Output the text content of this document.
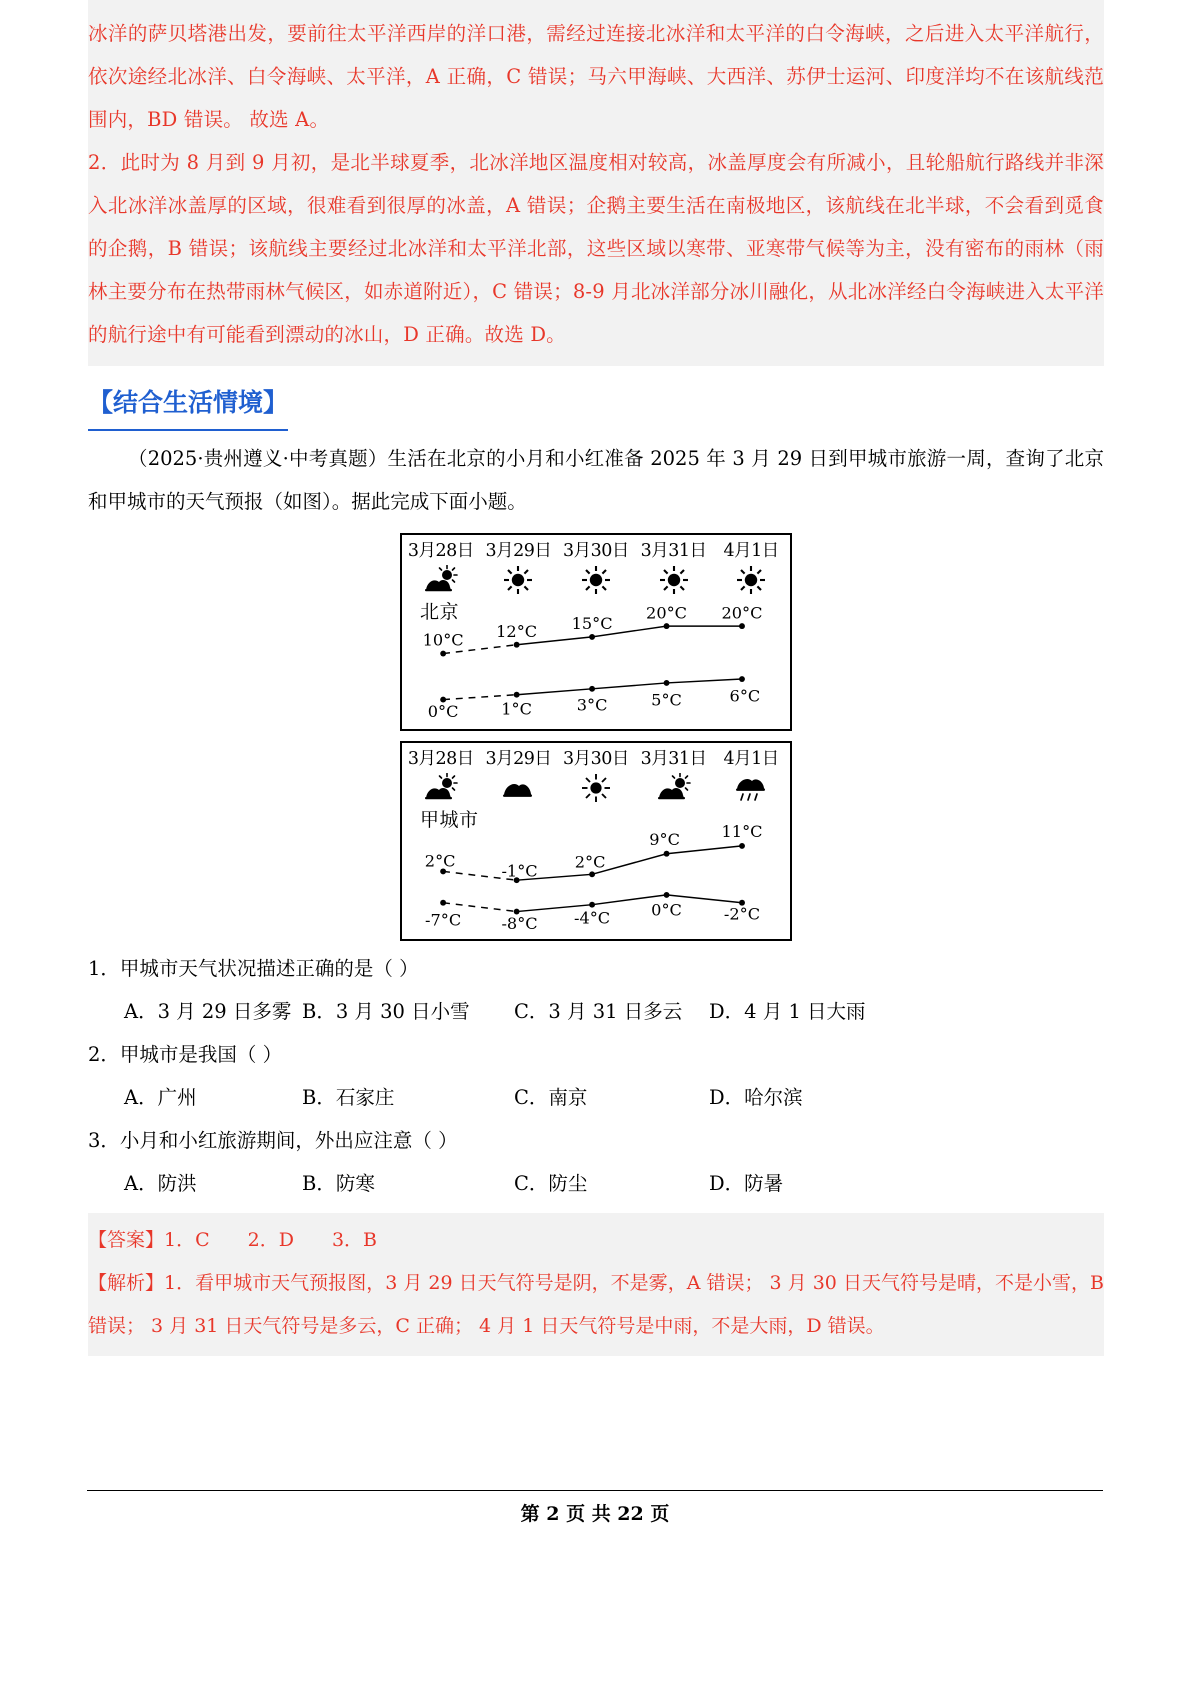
冰洋的萨贝塔港出发，要前往太平洋西岸的洋口港，需经过连接北冰洋和太平洋的白令海峡，之后进入太平洋航行，依次途经北冰洋、白令海峡、太平洋，A 正确，C 错误；马六甲海峡、大西洋、苏伊士运河、印度洋均不在该航线范围内，BD 错误。 故选 A。

2．此时为 8 月到 9 月初，是北半球夏季，北冰洋地区温度相对较高，冰盖厚度会有所减小，且轮船航行路线并非深入北冰洋冰盖厚的区域，很难看到很厚的冰盖，A 错误；企鹅主要生活在南极地区，该航线在北半球，不会看到觅食的企鹅，B 错误；该航线主要经过北冰洋和太平洋北部，这些区域以寒带、亚寒带气候等为主，没有密布的雨林（雨林主要分布在热带雨林气候区，如赤道附近），C 错误；8-9 月北冰洋部分冰川融化，从北冰洋经白令海峡进入太平洋的航行途中有可能看到漂动的冰山，D 正确。故选 D。

【结合生活情境】

（2025·贵州遵义·中考真题）生活在北京的小月和小红准备 2025 年 3 月 29 日到甲城市旅游一周，查询了北京和甲城市的天气预报（如图）。据此完成下面小题。

3月28日 3月29日 3月30日 3月31日 4月1日
北京
10°C 12°C 15°C
20°C 20°C
0°C	1°C	3°C	5°C	6°C
3月28日 3月29日 3月30日 3月31日 4月1日
甲城市
2°C
-1°C 2°C
9°C	11°C
-7°C -8°C -4°C 0°C	-2°C

1．甲城市天气状况描述正确的是（ ）

A．3 月 29 日多雾 B．3 月 30 日小雪	C．3 月 31 日多云	D．4 月 1 日大雨

2．甲城市是我国（ ）

A．广州	B．石家庄	C．南京	D．哈尔滨

3．小月和小红旅游期间，外出应注意（ ）

A．防洪	B．防寒	C．防尘	D．防暑

【答案】1．C　　2．D　　3．B

【解析】1．看甲城市天气预报图，3 月 29 日天气符号是阴，不是雾，A 错误； 3 月 30 日天气符号是晴，不是小雪，B 错误； 3 月 31 日天气符号是多云，C 正确； 4 月 1 日天气符号是中雨，不是大雨，D 错误。

第 2 页 共 22 页
